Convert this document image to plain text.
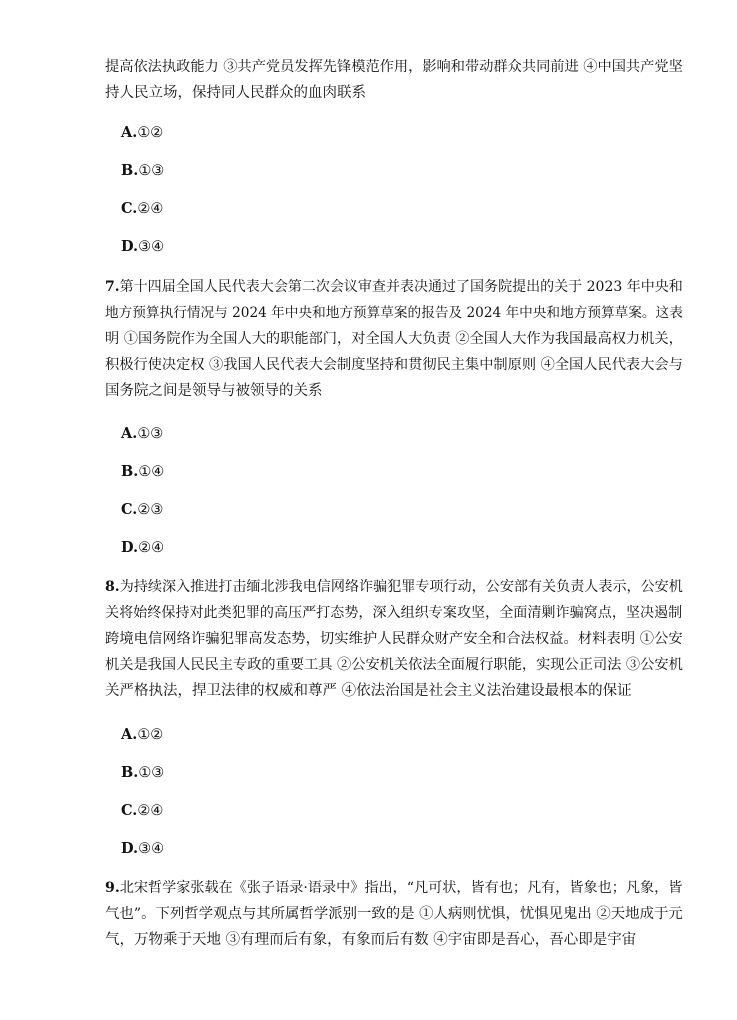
提高依法执政能力 ③共产党员发挥先锋模范作用，影响和带动群众共同前进 ④中国共产党坚
持人民立场，保持同人民群众的血肉联系
A.①②
B.①③
C.②④
D.③④
7.第十四届全国人民代表大会第二次会议审查并表决通过了国务院提出的关于 2023 年中央和
地方预算执行情况与 2024 年中央和地方预算草案的报告及 2024 年中央和地方预算草案。这表
明 ①国务院作为全国人大的职能部门，对全国人大负责 ②全国人大作为我国最高权力机关，
积极行使决定权 ③我国人民代表大会制度坚持和贯彻民主集中制原则 ④全国人民代表大会与
国务院之间是领导与被领导的关系
A.①③
B.①④
C.②③
D.②④
8.为持续深入推进打击缅北涉我电信网络诈骗犯罪专项行动，公安部有关负责人表示，公安机
关将始终保持对此类犯罪的高压严打态势，深入组织专案攻坚，全面清剿诈骗窝点，坚决遏制
跨境电信网络诈骗犯罪高发态势，切实维护人民群众财产安全和合法权益。材料表明 ①公安
机关是我国人民民主专政的重要工具 ②公安机关依法全面履行职能，实现公正司法 ③公安机
关严格执法，捍卫法律的权威和尊严 ④依法治国是社会主义法治建设最根本的保证
A.①②
B.①③
C.②④
D.③④
9.北宋哲学家张载在《张子语录·语录中》指出，“凡可状，皆有也；凡有，皆象也；凡象，皆
气也”。下列哲学观点与其所属哲学派别一致的是 ①人病则忧惧，忧惧见鬼出 ②天地成于元
气，万物乘于天地 ③有理而后有象，有象而后有数 ④宇宙即是吾心，吾心即是宇宙
